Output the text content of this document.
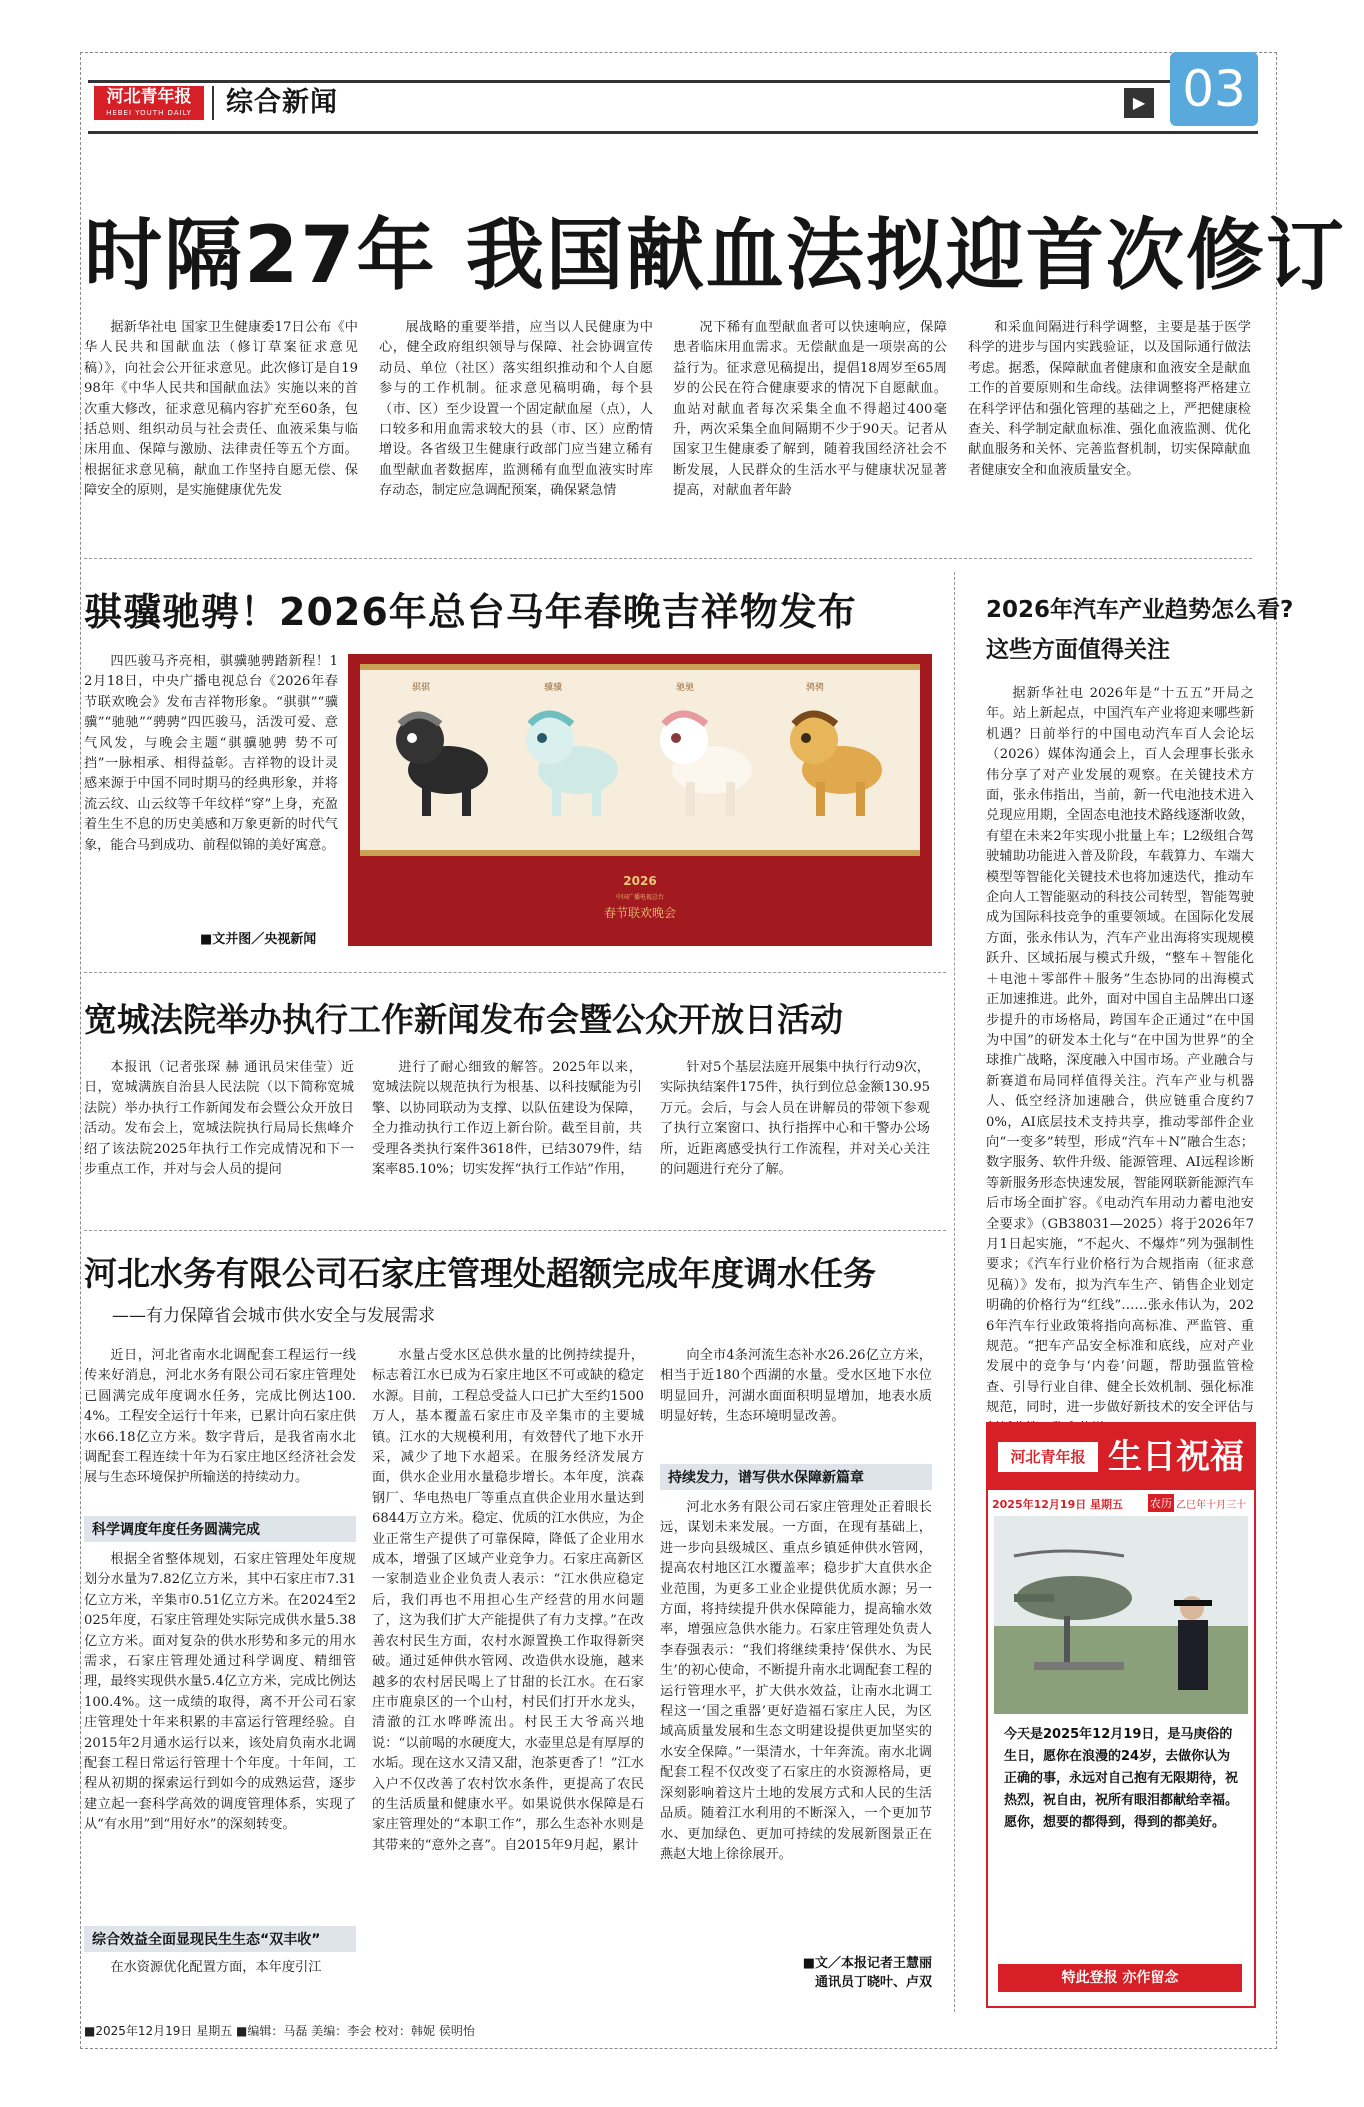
河北青年报
HEBEI YOUTH DAILY	综合新闻	▶ 03
时隔27年 我国献血法拟迎首次修订

据新华社电 国家卫生健康委17日公布《中华人民共和国献血法（修订草案征求意见稿）》，向社会公开征求意见。此次修订是自1998年《中华人民共和国献血法》实施以来的首次重大修改，征求意见稿内容扩充至60条，包括总则、组织动员与社会责任、血液采集与临床用血、保障与激励、法律责任等五个方面。根据征求意见稿，献血工作坚持自愿无偿、保障安全的原则，是实施健康优先发

展战略的重要举措，应当以人民健康为中心，健全政府组织领导与保障、社会协调宣传动员、单位（社区）落实组织推动和个人自愿参与的工作机制。征求意见稿明确，每个县（市、区）至少设置一个固定献血屋（点），人口较多和用血需求较大的县（市、区）应酌情增设。各省级卫生健康行政部门应当建立稀有血型献血者数据库，监测稀有血型血液实时库存动态，制定应急调配预案，确保紧急情

况下稀有血型献血者可以快速响应，保障患者临床用血需求。无偿献血是一项崇高的公益行为。征求意见稿提出，提倡18周岁至65周岁的公民在符合健康要求的情况下自愿献血。血站对献血者每次采集全血不得超过400毫升，两次采集全血间隔期不少于90天。记者从国家卫生健康委了解到，随着我国经济社会不断发展，人民群众的生活水平与健康状况显著提高，对献血者年龄

和采血间隔进行科学调整，主要是基于医学科学的进步与国内实践验证，以及国际通行做法考虑。据悉，保障献血者健康和血液安全是献血工作的首要原则和生命线。法律调整将严格建立在科学评估和强化管理的基础之上，严把健康检查关、科学制定献血标准、强化血液监测、优化献血服务和关怀、完善监督机制，切实保障献血者健康安全和血液质量安全。

骐骥驰骋！2026年总台马年春晚吉祥物发布

四匹骏马齐亮相，骐骥驰骋踏新程！12月18日，中央广播电视总台《2026年春节联欢晚会》发布吉祥物形象。“骐骐”“骥骥”“驰驰”“骋骋”四匹骏马，活泼可爱、意气风发，与晚会主题“骐骥驰骋 势不可挡”一脉相承、相得益彰。吉祥物的设计灵感来源于中国不同时期马的经典形象，并将流云纹、山云纹等千年纹样“穿”上身，充盈着生生不息的历史美感和万象更新的时代气象，能合马到成功、前程似锦的美好寓意。

■文并图／央视新闻
骐骐	骥骥	驰驰	骋骋
2026
中国广播电视总台
春节联欢晚会
宽城法院举办执行工作新闻发布会暨公众开放日活动

本报讯（记者张琛 赫 通讯员宋佳莹）近日，宽城满族自治县人民法院（以下简称宽城法院）举办执行工作新闻发布会暨公众开放日活动。发布会上，宽城法院执行局局长焦峰介绍了该法院2025年执行工作完成情况和下一步重点工作，并对与会人员的提问

进行了耐心细致的解答。2025年以来，宽城法院以规范执行为根基、以科技赋能为引擎、以协同联动为支撑、以队伍建设为保障，全力推动执行工作迈上新台阶。截至目前，共受理各类执行案件3618件，已结3079件，结案率85.10%；切实发挥“执行工作站”作用，

针对5个基层法庭开展集中执行行动9次，实际执结案件175件，执行到位总金额130.95万元。会后，与会人员在讲解员的带领下参观了执行立案窗口、执行指挥中心和干警办公场所，近距离感受执行工作流程，并对关心关注的问题进行充分了解。

河北水务有限公司石家庄管理处超额完成年度调水任务
——有力保障省会城市供水安全与发展需求

近日，河北省南水北调配套工程运行一线传来好消息，河北水务有限公司石家庄管理处已圆满完成年度调水任务，完成比例达100.4%。工程安全运行十年来，已累计向石家庄供水66.18亿立方米。数字背后，是我省南水北调配套工程连续十年为石家庄地区经济社会发展与生态环境保护所输送的持续动力。

科学调度年度任务圆满完成

根据全省整体规划，石家庄管理处年度规划分水量为7.82亿立方米，其中石家庄市7.31亿立方米，辛集市0.51亿立方米。在2024至2025年度，石家庄管理处实际完成供水量5.38亿立方米。面对复杂的供水形势和多元的用水需求，石家庄管理处通过科学调度、精细管理，最终实现供水量5.4亿立方米，完成比例达100.4%。这一成绩的取得，离不开公司石家庄管理处十年来积累的丰富运行管理经验。自2015年2月通水运行以来，该处肩负南水北调配套工程日常运行管理十个年度。十年间，工程从初期的探索运行到如今的成熟运营，逐步建立起一套科学高效的调度管理体系，实现了从“有水用”到“用好水”的深刻转变。

综合效益全面显现民生生态“双丰收”

在水资源优化配置方面，本年度引江

水量占受水区总供水量的比例持续提升，标志着江水已成为石家庄地区不可或缺的稳定水源。目前，工程总受益人口已扩大至约1500万人，基本覆盖石家庄市及辛集市的主要城镇。江水的大规模利用，有效替代了地下水开采，减少了地下水超采。在服务经济发展方面，供水企业用水量稳步增长。本年度，滨森钢厂、华电热电厂等重点直供企业用水量达到6844万立方米。稳定、优质的江水供应，为企业正常生产提供了可靠保障，降低了企业用水成本，增强了区域产业竞争力。石家庄高新区一家制造业企业负责人表示：“江水供应稳定后，我们再也不用担心生产经营的用水问题了，这为我们扩大产能提供了有力支撑。”在改善农村民生方面，农村水源置换工作取得新突破。通过延伸供水管网、改造供水设施，越来越多的农村居民喝上了甘甜的长江水。在石家庄市鹿泉区的一个山村，村民们打开水龙头，清澈的江水哗哗流出。村民王大爷高兴地说：“以前喝的水硬度大，水壶里总是有厚厚的水垢。现在这水又清又甜，泡茶更香了！”江水入户不仅改善了农村饮水条件，更提高了农民的生活质量和健康水平。如果说供水保障是石家庄管理处的“本职工作”，那么生态补水则是其带来的“意外之喜”。自2015年9月起，累计

向全市4条河流生态补水26.26亿立方米，相当于近180个西湖的水量。受水区地下水位明显回升，河湖水面面积明显增加，地表水质明显好转，生态环境明显改善。

持续发力，谱写供水保障新篇章

河北水务有限公司石家庄管理处正着眼长远，谋划未来发展。一方面，在现有基础上，进一步向县级城区、重点乡镇延伸供水管网，提高农村地区江水覆盖率；稳步扩大直供水企业范围，为更多工业企业提供优质水源；另一方面，将持续提升供水保障能力，提高输水效率，增强应急供水能力。石家庄管理处负责人李春强表示：“我们将继续秉持‘保供水、为民生’的初心使命，不断提升南水北调配套工程的运行管理水平，扩大供水效益，让南水北调工程这一‘国之重器’更好造福石家庄人民，为区域高质量发展和生态文明建设提供更加坚实的水安全保障。”一渠清水，十年奔流。南水北调配套工程不仅改变了石家庄的水资源格局，更深刻影响着这片土地的发展方式和人民的生活品质。随着江水利用的不断深入，一个更加节水、更加绿色、更加可持续的发展新图景正在燕赵大地上徐徐展开。

■文／本报记者王慧丽
通讯员丁晓叶、卢双
2026年汽车产业趋势怎么看?
这些方面值得关注

据新华社电 2026年是“十五五”开局之年。站上新起点，中国汽车产业将迎来哪些新机遇？日前举行的中国电动汽车百人会论坛（2026）媒体沟通会上，百人会理事长张永伟分享了对产业发展的观察。在关键技术方面，张永伟指出，当前，新一代电池技术进入兑现应用期，全固态电池技术路线逐渐收敛，有望在未来2年实现小批量上车；L2级组合驾驶辅助功能进入普及阶段，车载算力、车端大模型等智能化关键技术也将加速迭代，推动车企向人工智能驱动的科技公司转型，智能驾驶成为国际科技竞争的重要领域。在国际化发展方面，张永伟认为，汽车产业出海将实现规模跃升、区域拓展与模式升级，“整车＋智能化＋电池＋零部件＋服务”生态协同的出海模式正加速推进。此外，面对中国自主品牌出口逐步提升的市场格局，跨国车企正通过“在中国为中国”的研发本土化与“在中国为世界”的全球推广战略，深度融入中国市场。产业融合与新赛道布局同样值得关注。汽车产业与机器人、低空经济加速融合，供应链重合度约70%，AI底层技术支持共享，推动零部件企业向“一变多”转型，形成“汽车＋N”融合生态；数字服务、软件升级、能源管理、AI远程诊断等新服务形态快速发展，智能网联新能源汽车后市场全面扩容。《电动汽车用动力蓄电池安全要求》（GB38031—2025）将于2026年7月1日起实施，“不起火、不爆炸”列为强制性要求；《汽车行业价格行为合规指南（征求意见稿）》发布，拟为汽车生产、销售企业划定明确的价格行为“红线”……张永伟认为，2026年汽车行业政策将指向高标准、严监管、重规范。“把车产品安全标准和底线，应对产业发展中的竞争与‘内卷’问题，帮助强监管检查、引导行业自律、健全长效机制、强化标准规范，同时，进一步做好新技术的安全评估与

河北青年报 生日祝福
2025年12月19日 星期五 农历 乙巳年十月三十
今天是2025年12月19日，是马庚俗的生日，愿你在浪漫的24岁，去做你认为正确的事，永远对自己抱有无限期待，祝热烈，祝自由，祝所有眼泪都献给幸福。愿你，想要的都得到，得到的都美好。
特此登报 亦作留念
■2025年12月19日 星期五 ■编辑：马磊 美编：李会 校对：韩妮 侯明怡
